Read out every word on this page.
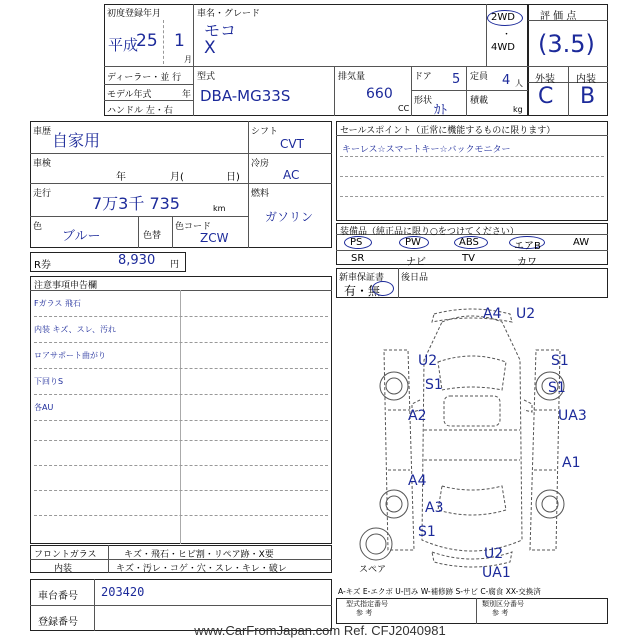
初度登録年月
平成
25 1
月
車名・グレード
モコ
X
2WD
・
4WD
ディーラー・並 行
モデル年式	年
ハンドル 左・右
型式
DBA-MG33S
排気量
660
CC
ドア 5 定員 4 人
形状
ｶﾄ
積載
kg
評 価 点
(3.5)
外装 内装
C B
車歴 自家用
車検
年	月(	日)
走行	7万3千 735	km
色
ブルー	色替
色コード
ZCW
シフト
CVT
冷房
AC
燃料
ガソリン
R券	8,930 円
セールスポイント（正常に機能するものに限ります）
キーレス☆スマートキー☆バックモニター
装備品（純正品に限り○をつけてください）
PS	PW	ABS	エアB	AW
SR	ナビ	TV	カワ
新車保証書
有・無
後日品
注意事項申告欄
Fガラス 飛石
内装 キズ、スレ、汚れ
ロアサポート曲がり
下回りS
各AU
A4 U2
U2	S1
S1	S1
A2	UA3
A1
A4
A3
S1
U2
UA1
スペア
A-キズ E-エクボ U-凹み W-補修跡 S-サビ C-腐食 XX-交換済
フロントガラス	キズ・飛石・ヒビ割・リペア跡・X要
内装	キズ・汚レ・コゲ・穴・スレ・キレ・破レ
車台番号 203420
登録番号
型式指定番号
参 考
類別区分番号
参 考
www.CarFromJapan.com Ref. CFJ2040981
